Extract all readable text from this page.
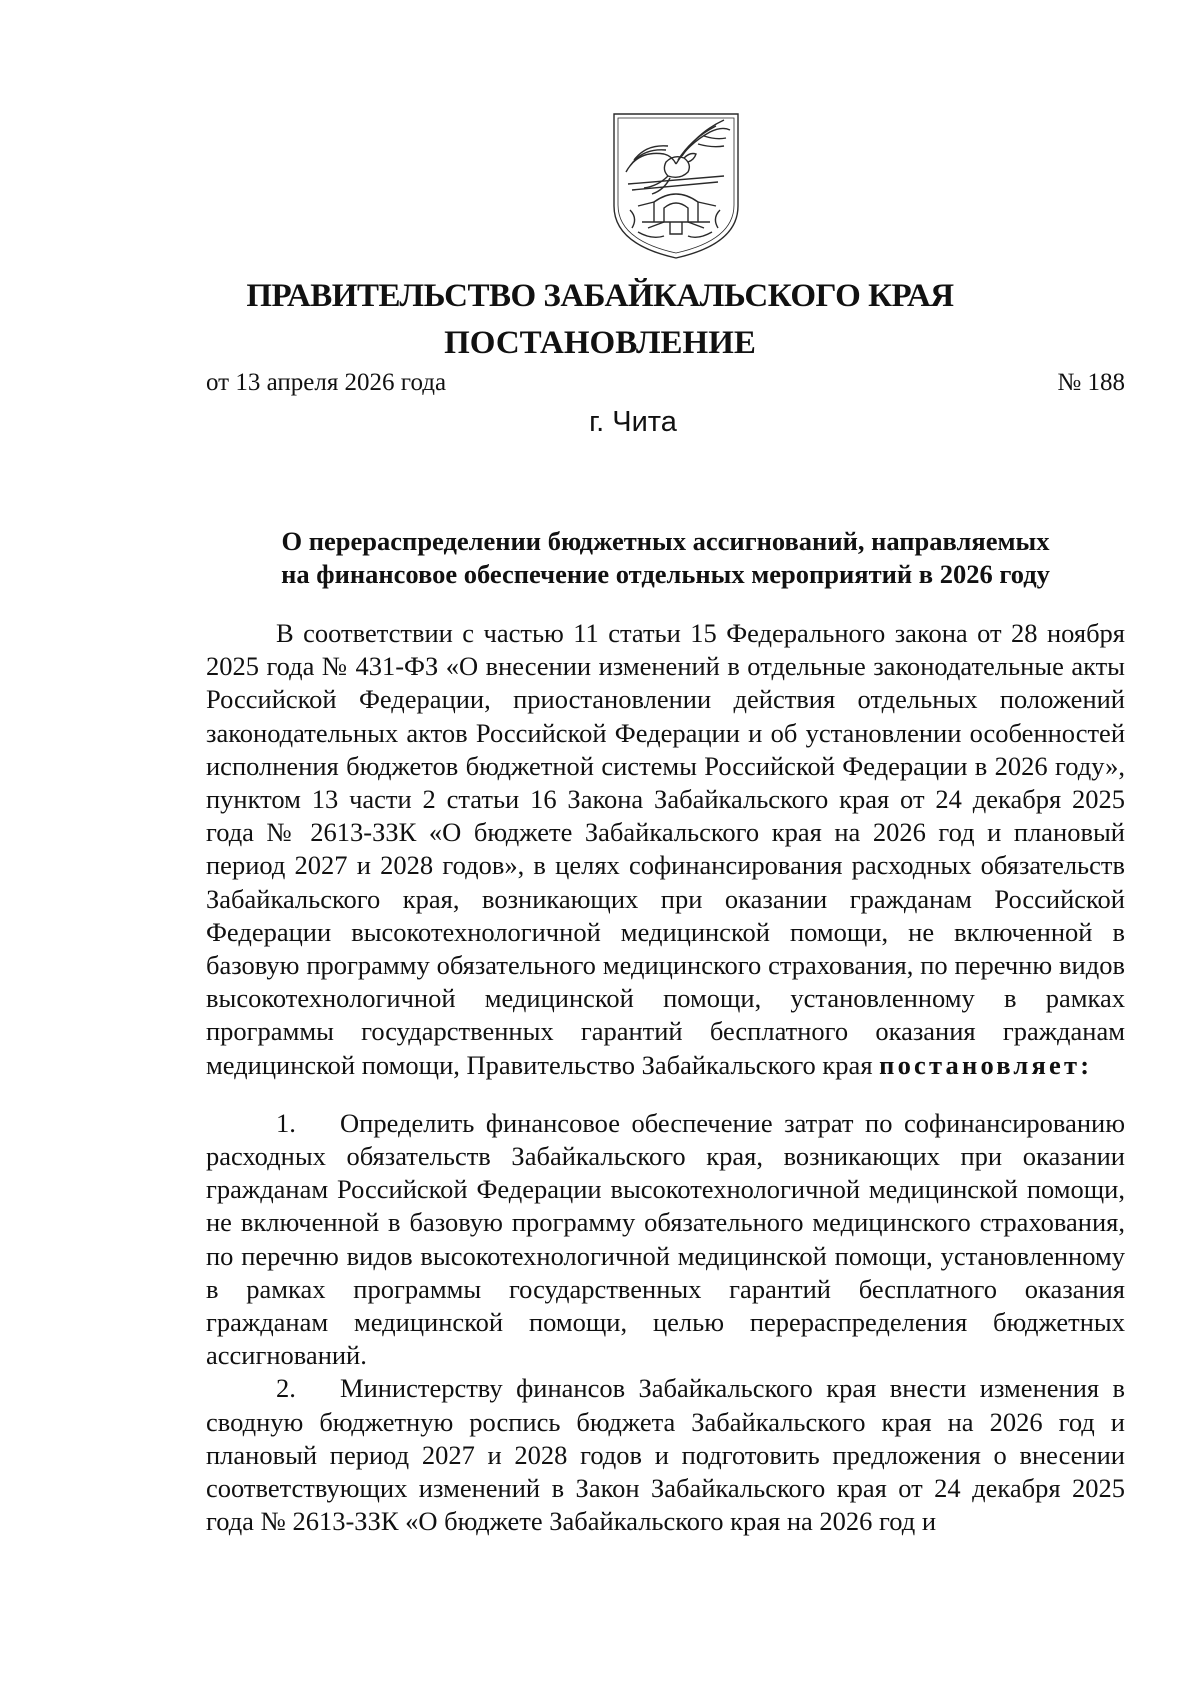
ПРАВИТЕЛЬСТВО ЗАБАЙКАЛЬСКОГО КРАЯ
ПОСТАНОВЛЕНИЕ
от 13 апреля 2026 года	№ 188
г. Чита
О перераспределении бюджетных ассигнований, направляемых
на финансовое обеспечение отдельных мероприятий в 2026 году

В соответствии с частью 11 статьи 15 Федерального закона от 28 ноября 2025 года № 431-ФЗ «О внесении изменений в отдельные законодательные акты Российской Федерации, приостановлении действия отдельных положений законодательных актов Российской Федерации и об установлении особенностей исполнения бюджетов бюджетной системы Российской Федерации в 2026 году», пунктом 13 части 2 статьи 16 Закона Забайкальского края от 24 декабря 2025 года № 2613-ЗЗК «О бюджете Забайкальского края на 2026 год и плановый период 2027 и 2028 годов», в целях софинансирования расходных обязательств Забайкальского края, возникающих при оказании гражданам Российской Федерации высокотехнологичной медицинской помощи, не включенной в базовую программу обязательного медицинского страхования, по перечню видов высокотехнологичной медицинской помощи, установленному в рамках программы государственных гарантий бесплатного оказания гражданам медицинской помощи, Правительство Забайкальского края постановляет:

1. Определить финансовое обеспечение затрат по софинансированию расходных обязательств Забайкальского края, возникающих при оказании гражданам Российской Федерации высокотехнологичной медицинской помощи, не включенной в базовую программу обязательного медицинского страхования, по перечню видов высокотехнологичной медицинской помощи, установленному в рамках программы государственных гарантий бесплатного оказания гражданам медицинской помощи, целью перераспределения бюджетных ассигнований.

2. Министерству финансов Забайкальского края внести изменения в сводную бюджетную роспись бюджета Забайкальского края на 2026 год и плановый период 2027 и 2028 годов и подготовить предложения о внесении соответствующих изменений в Закон Забайкальского края от 24 декабря 2025 года № 2613-ЗЗК «О бюджете Забайкальского края на 2026 год и
